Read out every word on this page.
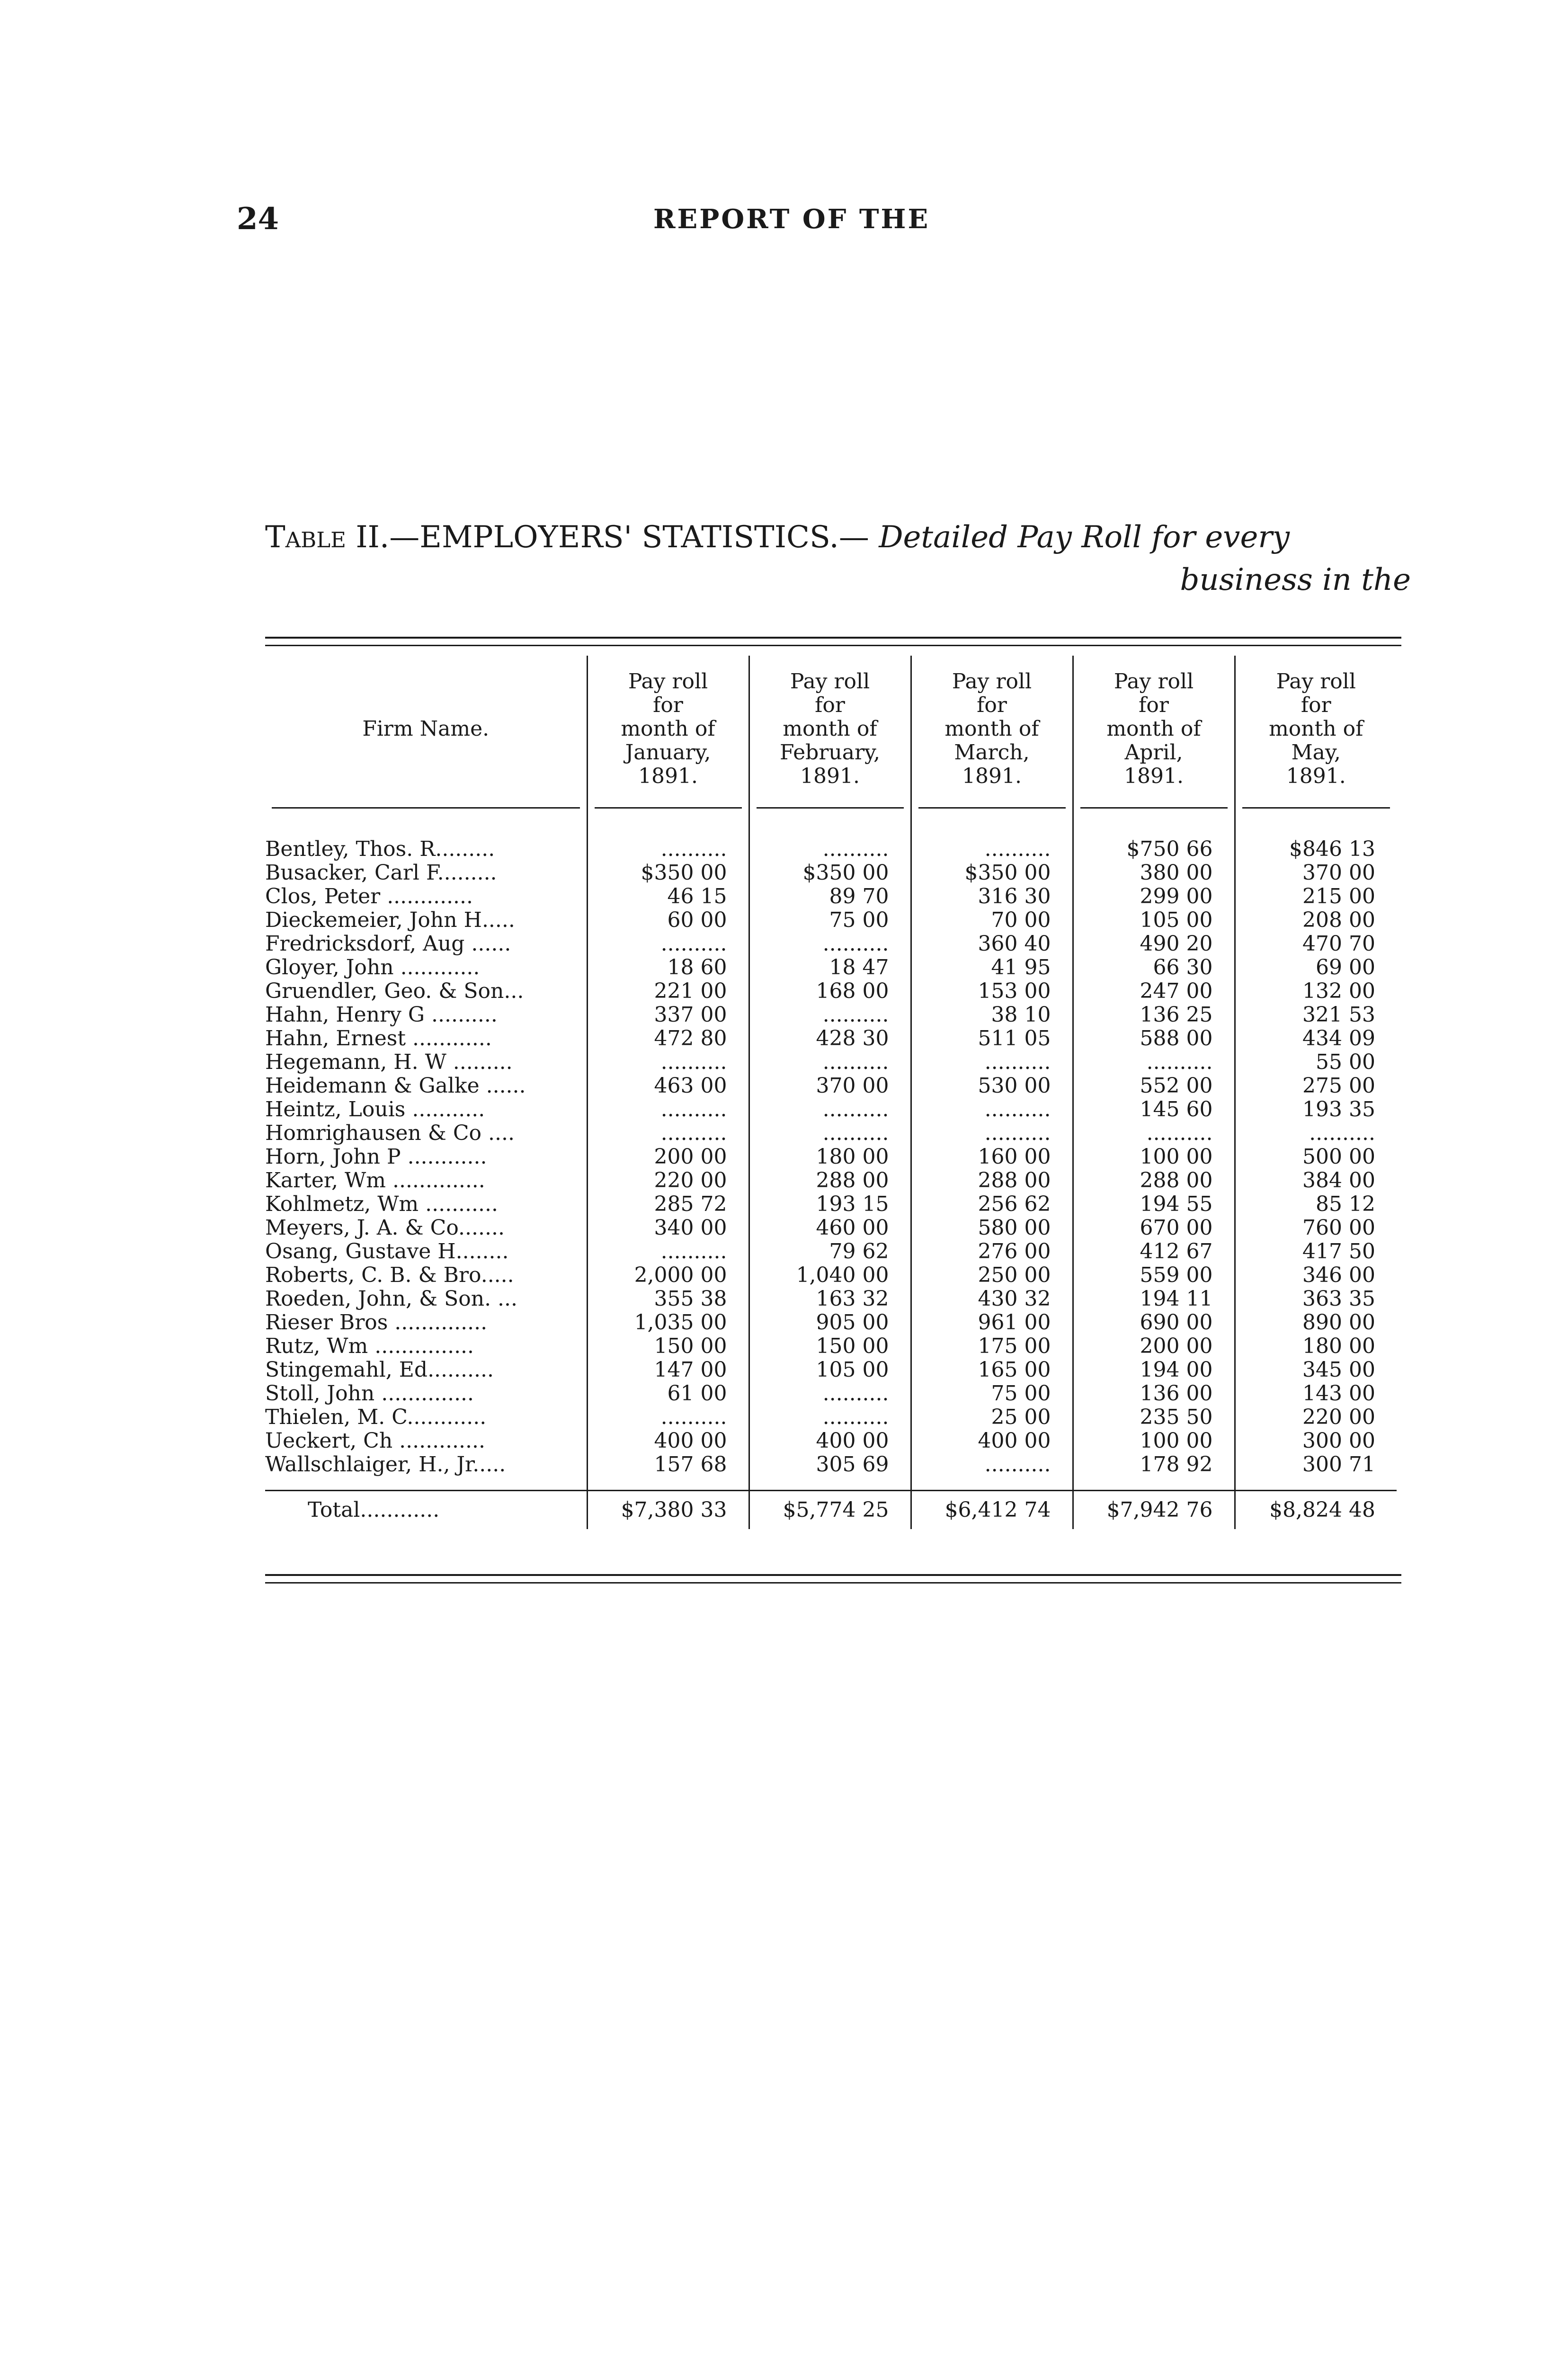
24	REPORT OF THE
Table II.—EMPLOYERS' STATISTICS.— Detailed Pay Roll for every
business in the
Firm Name.	Pay roll
for
month of
January,
1891.	Pay roll
for
month of
February,
1891.	Pay roll
for
month of
March,
1891.	Pay roll
for
month of
April,
1891.	Pay roll
for
month of
May,
1891.

Bentley, Thos. R.........	..........	..........	..........	$750 66	$846 13
Busacker, Carl F.........	$350 00	$350 00	$350 00	380 00	370 00
Clos, Peter .............	46 15	89 70	316 30	299 00	215 00
Dieckemeier, John H.....	60 00	75 00	70 00	105 00	208 00
Fredricksdorf, Aug ......	..........	..........	360 40	490 20	470 70
Gloyer, John ............	18 60	18 47	41 95	66 30	69 00
Gruendler, Geo. & Son...	221 00	168 00	153 00	247 00	132 00
Hahn, Henry G ..........	337 00	..........	38 10	136 25	321 53
Hahn, Ernest ............	472 80	428 30	511 05	588 00	434 09
Hegemann, H. W .........	..........	..........	..........	..........	55 00
Heidemann & Galke ......	463 00	370 00	530 00	552 00	275 00
Heintz, Louis ...........	..........	..........	..........	145 60	193 35
Homrighausen & Co ....	..........	..........	..........	..........	..........
Horn, John P ............	200 00	180 00	160 00	100 00	500 00
Karter, Wm ..............	220 00	288 00	288 00	288 00	384 00
Kohlmetz, Wm ...........	285 72	193 15	256 62	194 55	85 12
Meyers, J. A. & Co.......	340 00	460 00	580 00	670 00	760 00
Osang, Gustave H........	..........	79 62	276 00	412 67	417 50
Roberts, C. B. & Bro.....	2,000 00	1,040 00	250 00	559 00	346 00
Roeden, John, & Son. ...	355 38	163 32	430 32	194 11	363 35
Rieser Bros ..............	1,035 00	905 00	961 00	690 00	890 00
Rutz, Wm ...............	150 00	150 00	175 00	200 00	180 00
Stingemahl, Ed..........	147 00	105 00	165 00	194 00	345 00
Stoll, John ..............	61 00	..........	75 00	136 00	143 00
Thielen, M. C............	..........	..........	25 00	235 50	220 00
Ueckert, Ch .............	400 00	400 00	400 00	100 00	300 00
Wallschlaiger, H., Jr.....	157 68	305 69	..........	178 92	300 71

Total............	$7,380 33	$5,774 25	$6,412 74	$7,942 76	$8,824 48
